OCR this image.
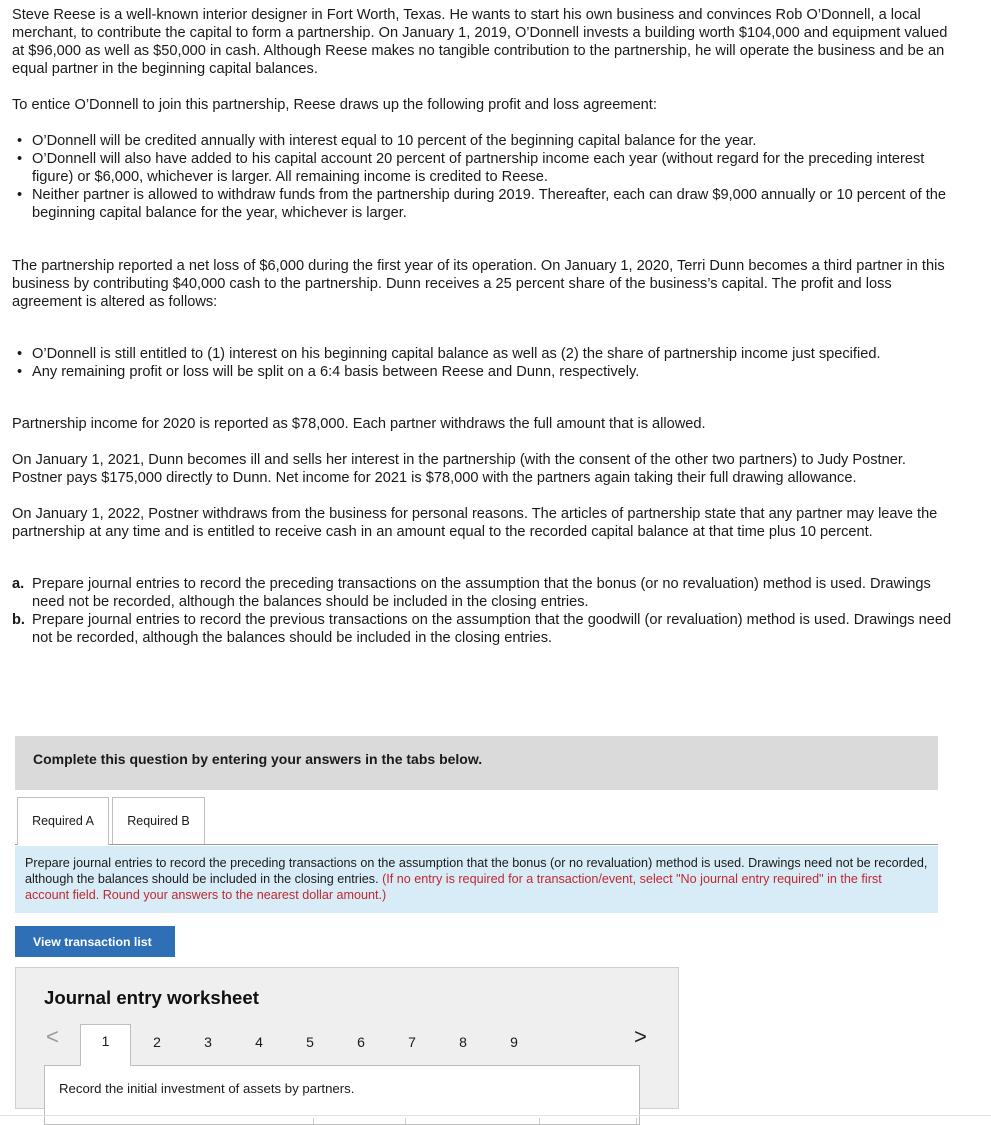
Steve Reese is a well-known interior designer in Fort Worth, Texas. He wants to start his own business and convinces Rob O’Donnell, a local merchant, to contribute the capital to form a partnership. On January 1, 2019, O’Donnell invests a building worth $104,000 and equipment valued at $96,000 as well as $50,000 in cash. Although Reese makes no tangible contribution to the partnership, he will operate the business and be an equal partner in the beginning capital balances.

To entice O’Donnell to join this partnership, Reese draws up the following profit and loss agreement:

• O’Donnell will be credited annually with interest equal to 10 percent of the beginning capital balance for the year.
• O’Donnell will also have added to his capital account 20 percent of partnership income each year (without regard for the preceding interest figure) or $6,000, whichever is larger. All remaining income is credited to Reese.
• Neither partner is allowed to withdraw funds from the partnership during 2019. Thereafter, each can draw $9,000 annually or 10 percent of the beginning capital balance for the year, whichever is larger.

The partnership reported a net loss of $6,000 during the first year of its operation. On January 1, 2020, Terri Dunn becomes a third partner in this business by contributing $40,000 cash to the partnership. Dunn receives a 25 percent share of the business’s capital. The profit and loss agreement is altered as follows:

• O’Donnell is still entitled to (1) interest on his beginning capital balance as well as (2) the share of partnership income just specified.
• Any remaining profit or loss will be split on a 6:4 basis between Reese and Dunn, respectively.

Partnership income for 2020 is reported as $78,000. Each partner withdraws the full amount that is allowed.

On January 1, 2021, Dunn becomes ill and sells her interest in the partnership (with the consent of the other two partners) to Judy Postner. Postner pays $175,000 directly to Dunn. Net income for 2021 is $78,000 with the partners again taking their full drawing allowance.

On January 1, 2022, Postner withdraws from the business for personal reasons. The articles of partnership state that any partner may leave the partnership at any time and is entitled to receive cash in an amount equal to the recorded capital balance at that time plus 10 percent.

a. Prepare journal entries to record the preceding transactions on the assumption that the bonus (or no revaluation) method is used. Drawings need not be recorded, although the balances should be included in the closing entries.
b. Prepare journal entries to record the previous transactions on the assumption that the goodwill (or revaluation) method is used. Drawings need not be recorded, although the balances should be included in the closing entries.
Complete this question by entering your answers in the tabs below.
Required A	Required B
Prepare journal entries to record the preceding transactions on the assumption that the bonus (or no revaluation) method is used. Drawings need not be recorded, although the balances should be included in the closing entries. (If no entry is required for a transaction/event, select "No journal entry required" in the first account field. Round your answers to the nearest dollar amount.)
View transaction list
Journal entry worksheet
<	1	2	3	4	5	6	7	8	9	>
Record the initial investment of assets by partners.
